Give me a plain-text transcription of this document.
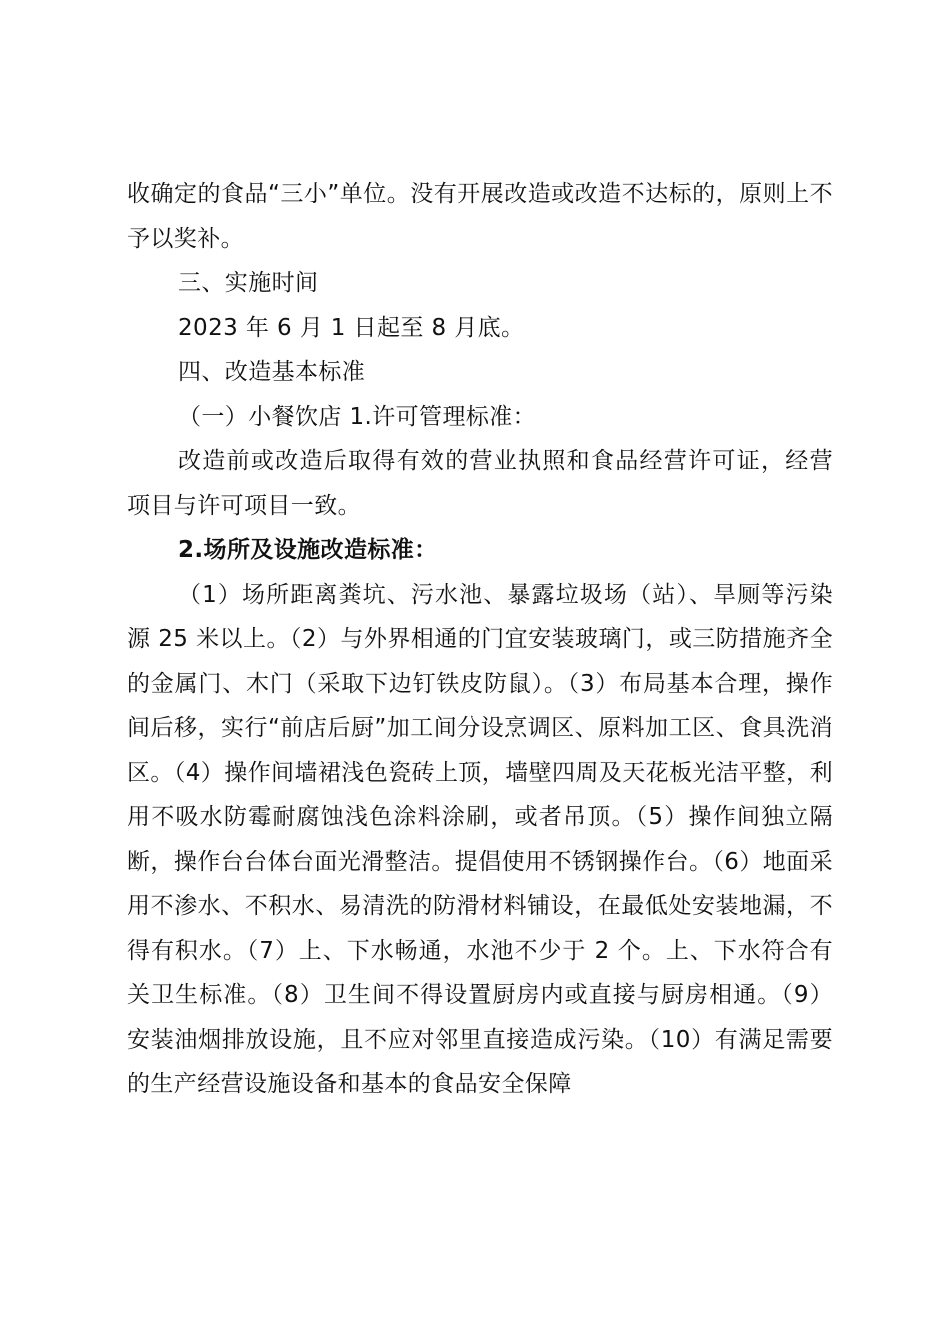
收确定的食品“三小”单位。没有开展改造或改造不达标的，原则上不予以奖补。

三、实施时间

2023 年 6 月 1 日起至 8 月底。

四、改造基本标准

（一）小餐饮店 1.许可管理标准：

改造前或改造后取得有效的营业执照和食品经营许可证，经营项目与许可项目一致。

2.场所及设施改造标准：

（1）场所距离粪坑、污水池、暴露垃圾场（站）、旱厕等污染源 25 米以上。（2）与外界相通的门宜安装玻璃门，或三防措施齐全的金属门、木门（采取下边钉铁皮防鼠）。（3）布局基本合理，操作间后移，实行“前店后厨”加工间分设烹调区、原料加工区、食具洗消区。（4）操作间墙裙浅色瓷砖上顶，墙壁四周及天花板光洁平整，利用不吸水防霉耐腐蚀浅色涂料涂刷，或者吊顶。（5）操作间独立隔断，操作台台体台面光滑整洁。提倡使用不锈钢操作台。（6）地面采用不渗水、不积水、易清洗的防滑材料铺设，在最低处安装地漏，不得有积水。（7）上、下水畅通，水池不少于 2 个。上、下水符合有关卫生标准。（8）卫生间不得设置厨房内或直接与厨房相通。（9）安装油烟排放设施，且不应对邻里直接造成污染。（10）有满足需要的生产经营设施设备和基本的食品安全保障
